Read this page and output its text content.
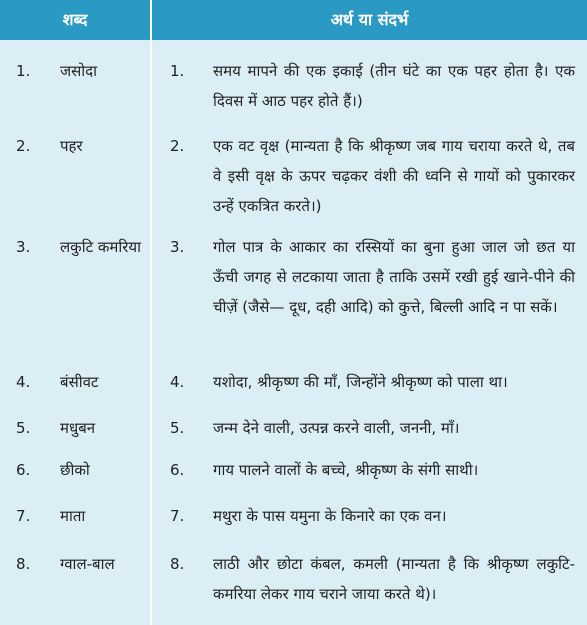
शब्द	अर्थ या संदर्भ
1.	जसोदा	1.	समय मापने की एक इकाई (तीन घंटे का एक पहर होता है। एक दिवस में आठ पहर होते हैं।)
2.	पहर	2.	एक वट वृक्ष (मान्यता है कि श्रीकृष्ण जब गाय चराया करते थे, तब वे इसी वृक्ष के ऊपर चढ़कर वंशी की ध्वनि से गायों को पुकारकर उन्हें एकत्रित करते।)
3.	लकुटि कमरिया	3.	गोल पात्र के आकार का रस्सियों का बुना हुआ जाल जो छत या ऊँची जगह से लटकाया जाता है ताकि उसमें रखी हुई खाने-पीने की चीज़ें (जैसे— दूध, दही आदि) को कुत्ते, बिल्ली आदि न पा सकें।
4.	बंसीवट	4.	यशोदा, श्रीकृष्ण की माँ, जिन्होंने श्रीकृष्ण को पाला था।
5.	मधुबन	5.	जन्म देने वाली, उत्पन्न करने वाली, जननी, माँ।
6.	छीको	6.	गाय पालने वालों के बच्चे, श्रीकृष्ण के संगी साथी।
7.	माता	7.	मथुरा के पास यमुना के किनारे का एक वन।
8.	ग्वाल-बाल	8.	लाठी और छोटा कंबल, कमली (मान्यता है कि श्रीकृष्ण लकुटि-कमरिया लेकर गाय चराने जाया करते थे)।
